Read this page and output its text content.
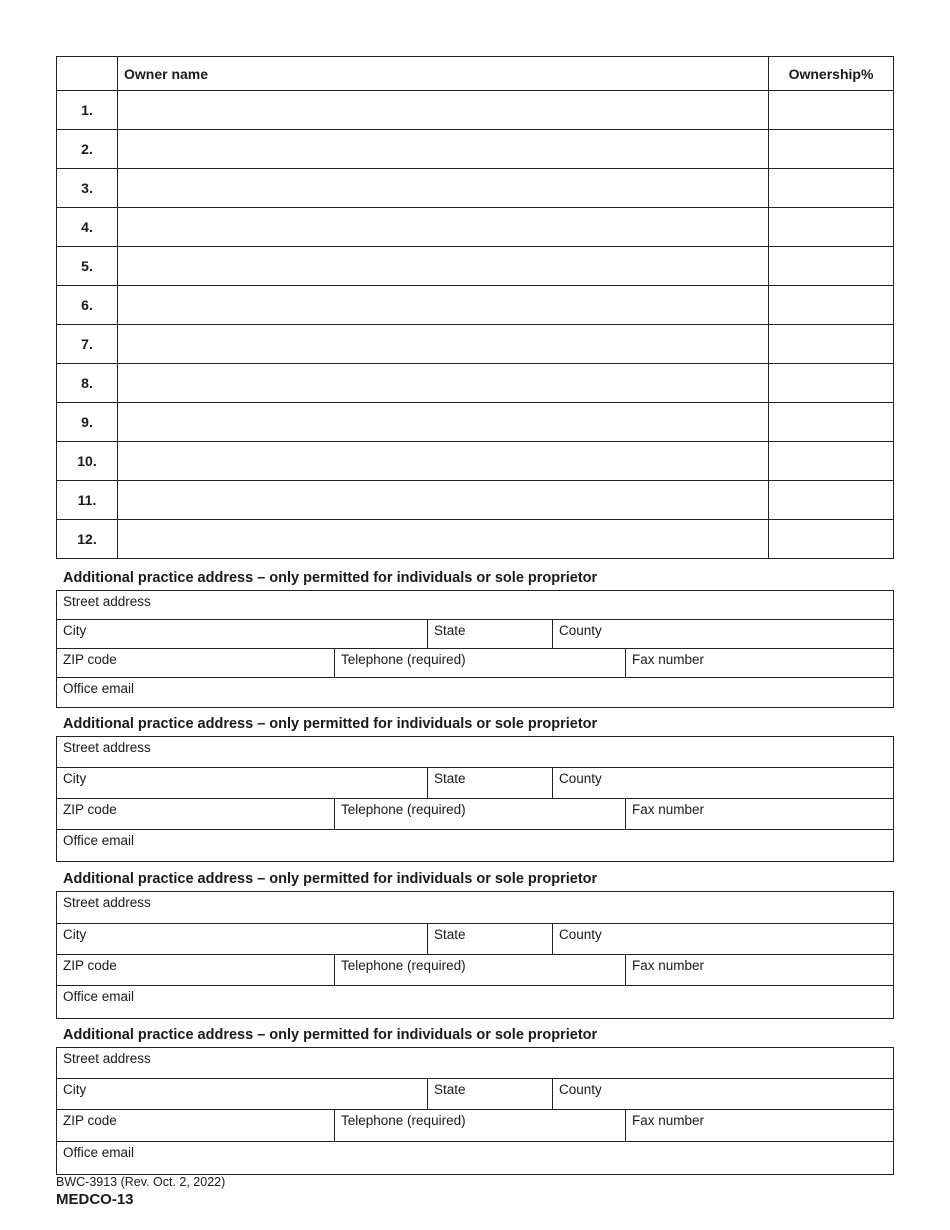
	Owner name	Ownership%
1.		
2.		
3.		
4.		
5.		
6.		
7.		
8.		
9.		
10.		
11.		
12.		
Additional practice address – only permitted for individuals or sole proprietor
Street address
City	State	County
ZIP code	Telephone (required)	Fax number
Office email
Additional practice address – only permitted for individuals or sole proprietor
Street address
City	State	County
ZIP code	Telephone (required)	Fax number
Office email
Additional practice address – only permitted for individuals or sole proprietor
Street address
City	State	County
ZIP code	Telephone (required)	Fax number
Office email
Additional practice address – only permitted for individuals or sole proprietor
Street address
City	State	County
ZIP code	Telephone (required)	Fax number
Office email
BWC-3913 (Rev. Oct. 2, 2022)
MEDCO-13
